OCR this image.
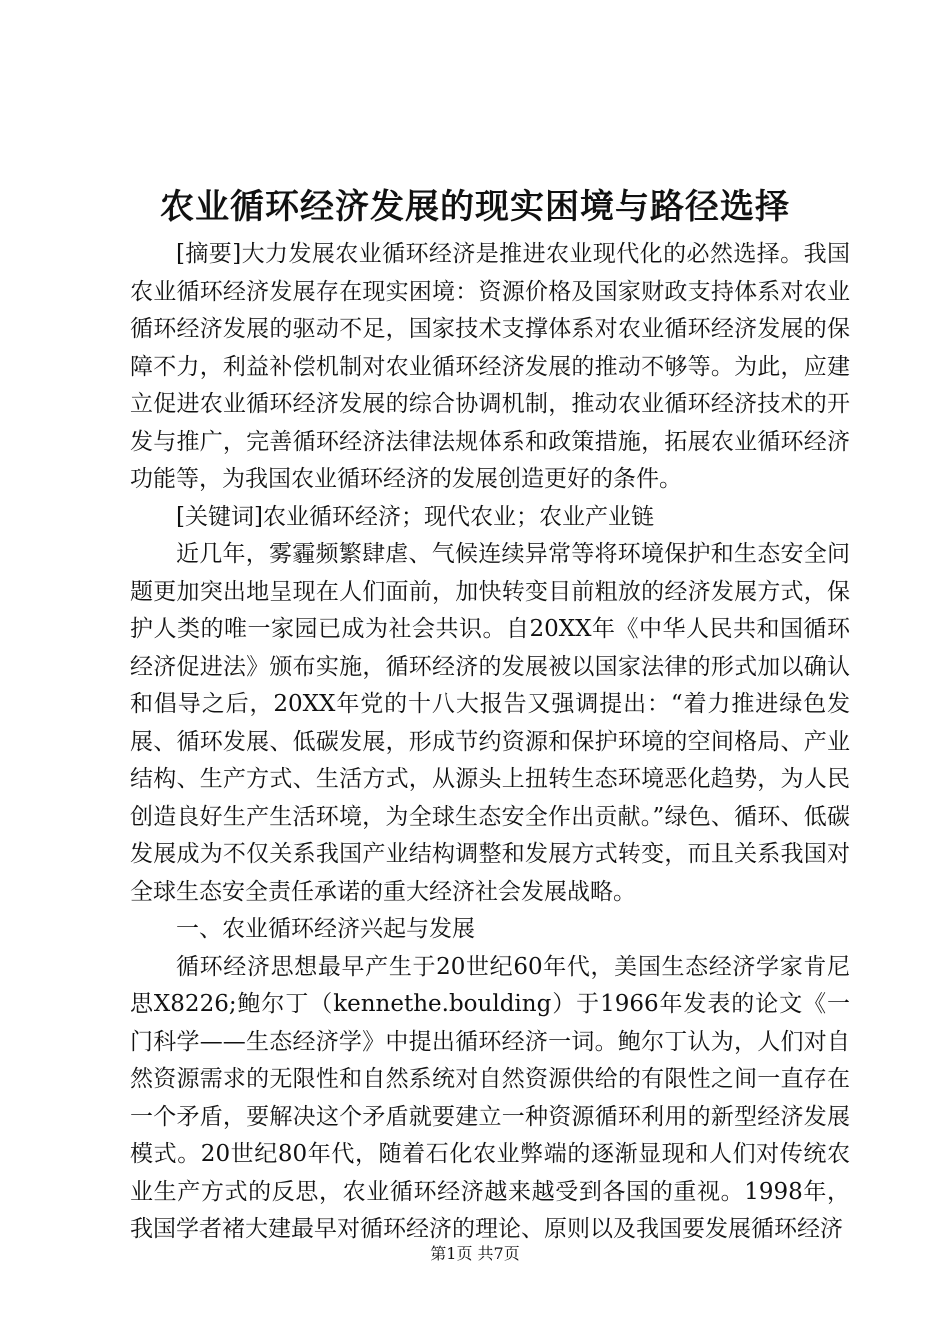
农业循环经济发展的现实困境与路径选择

[摘要]大力发展农业循环经济是推进农业现代化的必然选择。我国农业循环经济发展存在现实困境：资源价格及国家财政支持体系对农业循环经济发展的驱动不足，国家技术支撑体系对农业循环经济发展的保障不力，利益补偿机制对农业循环经济发展的推动不够等。为此，应建立促进农业循环经济发展的综合协调机制，推动农业循环经济技术的开发与推广，完善循环经济法律法规体系和政策措施，拓展农业循环经济功能等，为我国农业循环经济的发展创造更好的条件。

[关键词]农业循环经济；现代农业；农业产业链

近几年，雾霾频繁肆虐、气候连续异常等将环境保护和生态安全问题更加突出地呈现在人们面前，加快转变目前粗放的经济发展方式，保护人类的唯一家园已成为社会共识。自20XX年《中华人民共和国循环经济促进法》颁布实施，循环经济的发展被以国家法律的形式加以确认和倡导之后，20XX年党的十八大报告又强调提出：“着力推进绿色发展、循环发展、低碳发展，形成节约资源和保护环境的空间格局、产业结构、生产方式、生活方式，从源头上扭转生态环境恶化趋势，为人民创造良好生产生活环境，为全球生态安全作出贡献。”绿色、循环、低碳发展成为不仅关系我国产业结构调整和发展方式转变，而且关系我国对全球生态安全责任承诺的重大经济社会发展战略。

一、农业循环经济兴起与发展

循环经济思想最早产生于20世纪60年代，美国生态经济学家肯尼思X8226;鲍尔丁（kennethe.boulding）于1966年发表的论文《一门科学——生态经济学》中提出循环经济一词。鲍尔丁认为，人们对自然资源需求的无限性和自然系统对自然资源供给的有限性之间一直存在一个矛盾，要解决这个矛盾就要建立一种资源循环利用的新型经济发展模式。20世纪80年代，随着石化农业弊端的逐渐显现和人们对传统农业生产方式的反思，农业循环经济越来越受到各国的重视。1998年，我国学者褚大建最早对循环经济的理论、原则以及我国要发展循环经济

第1页 共7页
